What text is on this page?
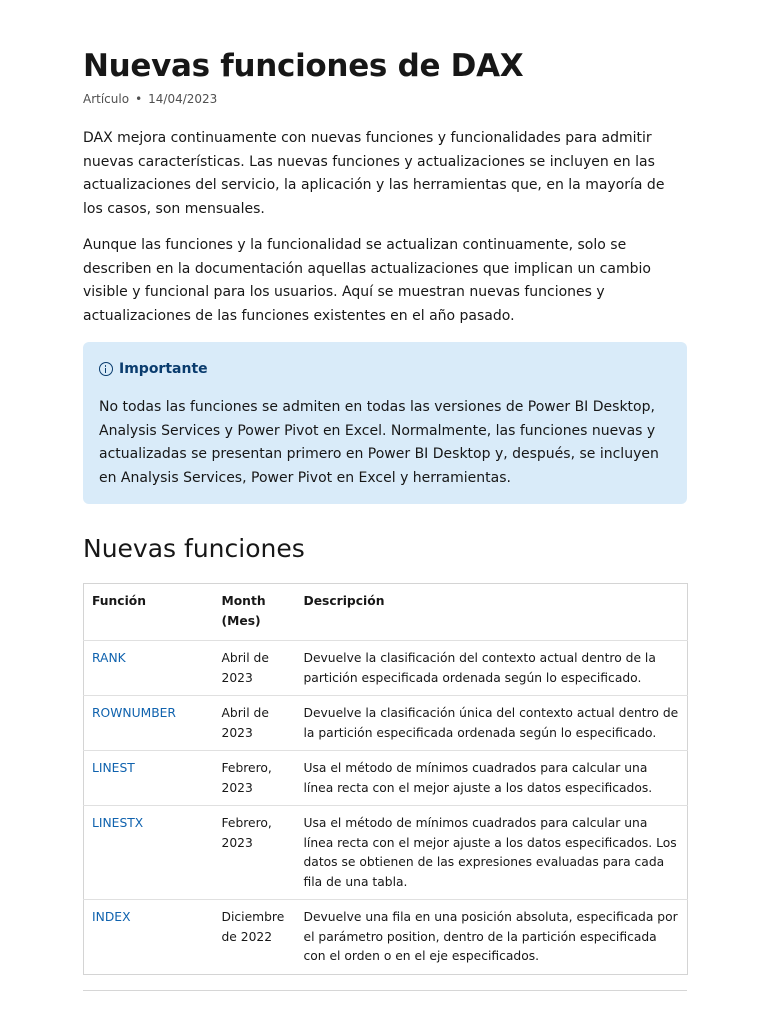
Nuevas funciones de DAX
Artículo • 14/04/2023

DAX mejora continuamente con nuevas funciones y funcionalidades para admitir nuevas características. Las nuevas funciones y actualizaciones se incluyen en las actualizaciones del servicio, la aplicación y las herramientas que, en la mayoría de los casos, son mensuales.

Aunque las funciones y la funcionalidad se actualizan continuamente, solo se describen en la documentación aquellas actualizaciones que implican un cambio visible y funcional para los usuarios. Aquí se muestran nuevas funciones y actualizaciones de las funciones existentes en el año pasado.

Importante

No todas las funciones se admiten en todas las versiones de Power BI Desktop, Analysis Services y Power Pivot en Excel. Normalmente, las funciones nuevas y actualizadas se presentan primero en Power BI Desktop y, después, se incluyen en Analysis Services, Power Pivot en Excel y herramientas.

Nuevas funciones
Función	Month (Mes)	Descripción
RANK	Abril de 2023	Devuelve la clasificación del contexto actual dentro de la partición especificada ordenada según lo especificado.
ROWNUMBER	Abril de 2023	Devuelve la clasificación única del contexto actual dentro de la partición especificada ordenada según lo especificado.
LINEST	Febrero, 2023	Usa el método de mínimos cuadrados para calcular una línea recta con el mejor ajuste a los datos especificados.
LINESTX	Febrero, 2023	Usa el método de mínimos cuadrados para calcular una línea recta con el mejor ajuste a los datos especificados. Los datos se obtienen de las expresiones evaluadas para cada fila de una tabla.
INDEX	Diciembre de 2022	Devuelve una fila en una posición absoluta, especificada por el parámetro position, dentro de la partición especificada con el orden o en el eje especificados.
